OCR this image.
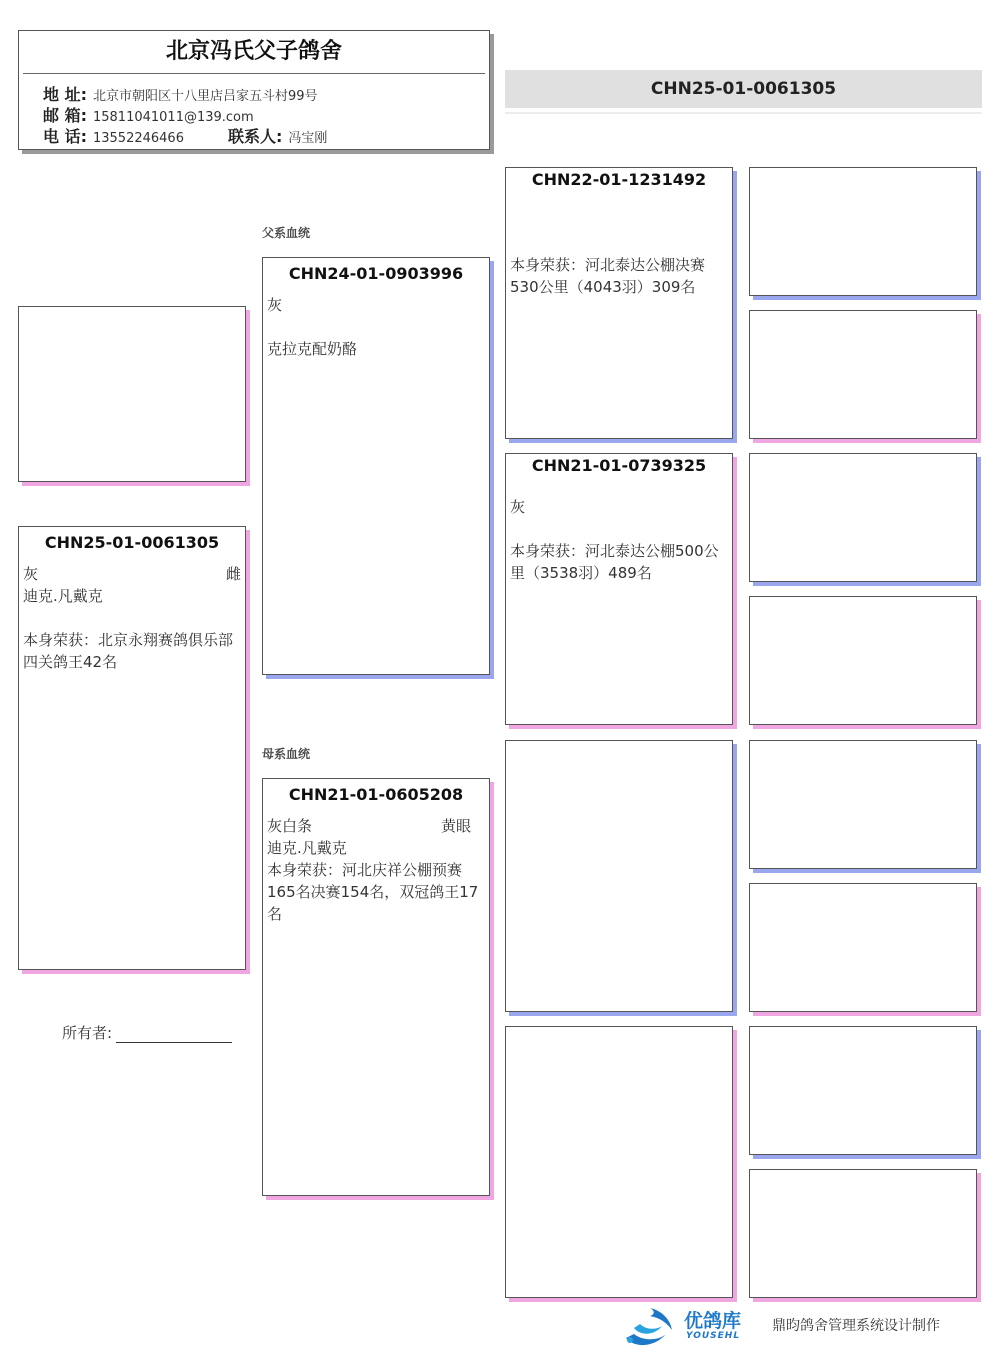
北京冯氏父子鸽舍
地 址: 北京市朝阳区十八里店吕家五斗村99号
邮 箱: 15811041011@139.com
电 话: 13552246466	联系人: 冯宝刚
CHN25-01-0061305
CHN25-01-0061305
灰	雌
迪克.凡戴克
本身荣获：北京永翔赛鸽俱乐部四关鸽王42名
所有者:
父系血统
母系血统
CHN24-01-0903996
灰
克拉克配奶酪
CHN21-01-0605208
灰白条	黄眼
迪克.凡戴克
本身荣获：河北庆祥公棚预赛165名决赛154名，双冠鸽王17名
CHN22-01-1231492
本身荣获：河北泰达公棚决赛530公里（4043羽）309名
CHN21-01-0739325
灰
本身荣获：河北泰达公棚500公里（3538羽）489名
优鸽库
YOUSEHL
鼎昀鸽舍管理系统设计制作
